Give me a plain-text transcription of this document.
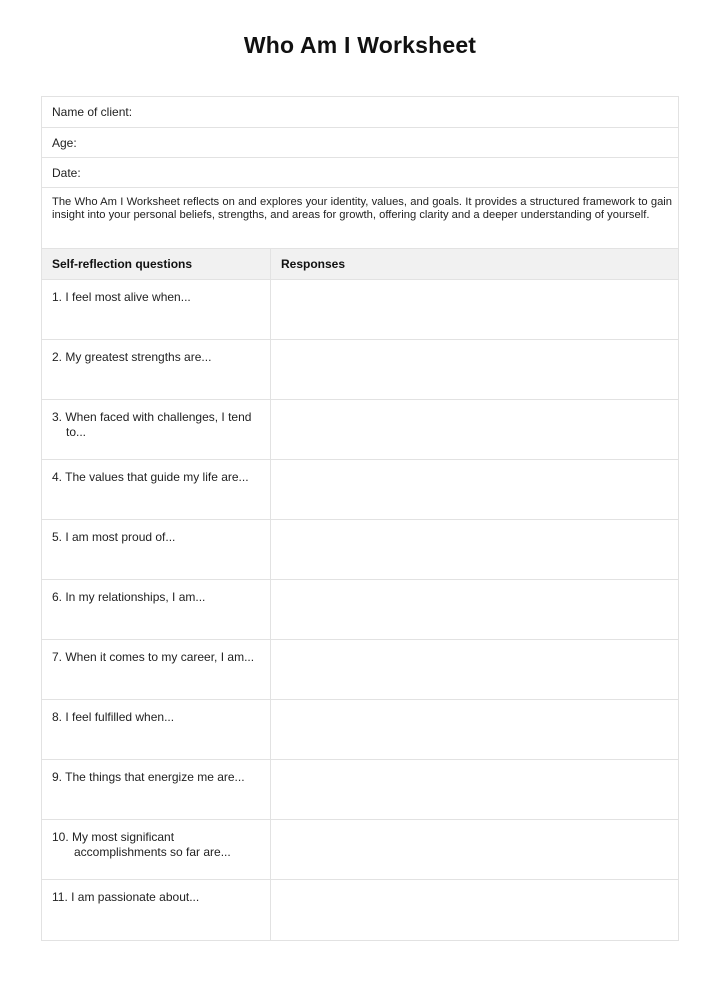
Who Am I Worksheet
Name of client:
Age:
Date:
The Who Am I Worksheet reflects on and explores your identity, values, and goals. It provides a structured framework to gain insight into your personal beliefs, strengths, and areas for growth, offering clarity and a deeper understanding of yourself.
Self-reflection questions	Responses

1. I feel most alive when...	

2. My greatest strengths are...	

3. When faced with challenges, I tend to...	

4. The values that guide my life are...	

5. I am most proud of...	

6. In my relationships, I am...	

7. When it comes to my career, I am...	

8. I feel fulfilled when...	

9. The things that energize me are...	

10. My most significant accomplishments so far are...	

11. I am passionate about...	
